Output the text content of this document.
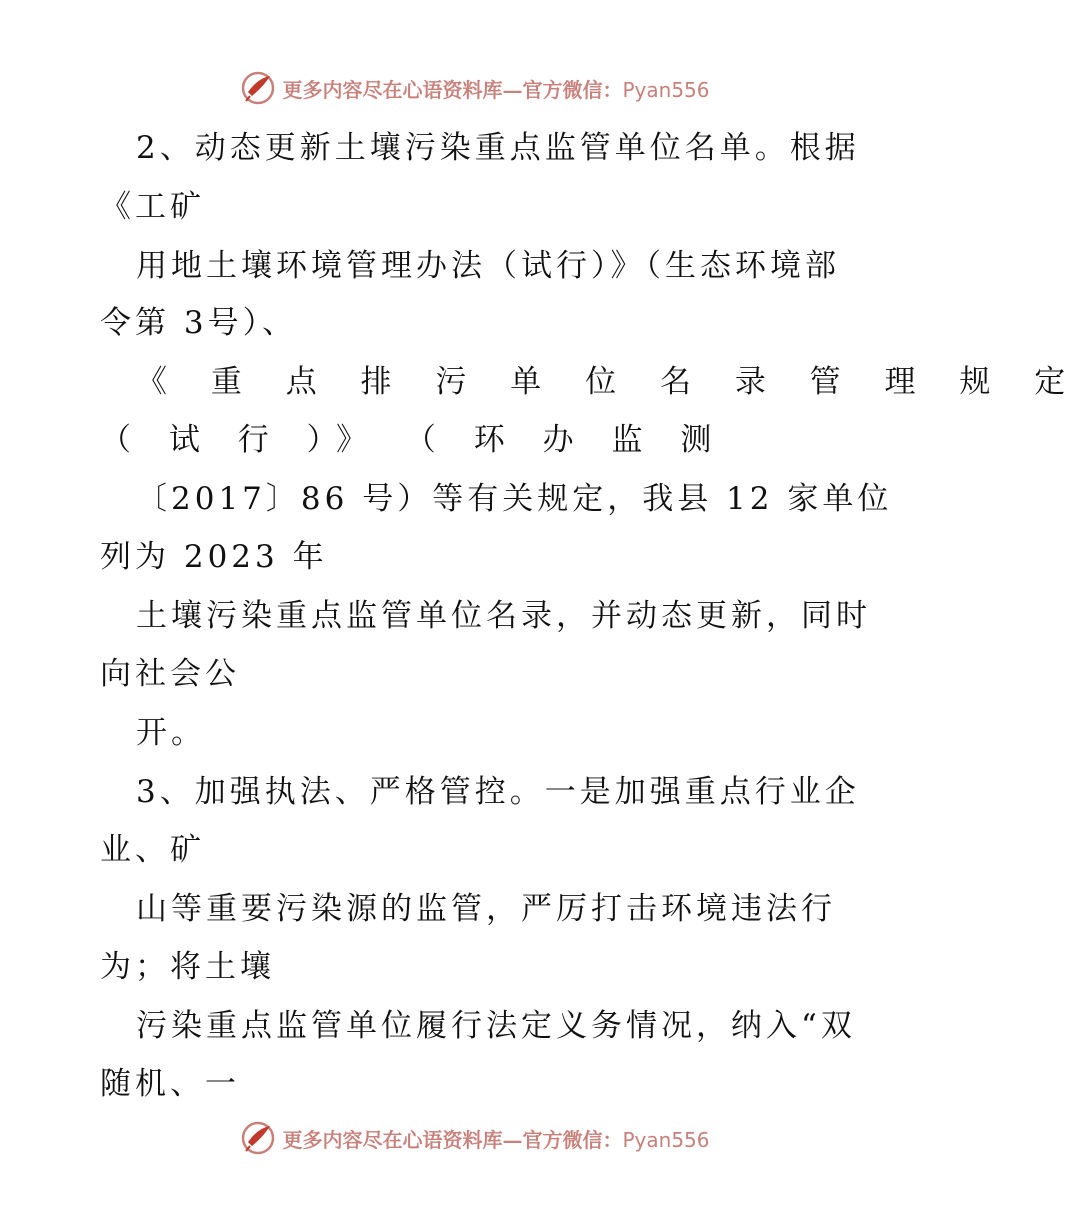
更多内容尽在心语资料库—官方微信：Pyan556
2、动态更新土壤污染重点监管单位名单。根据
《工矿
用地土壤环境管理办法（试行）》（生态环境部
令第 3号）、
《 重 点 排 污 单 位 名 录 管 理 规 定
（ 试 行 ）》 （ 环 办 监 测
〔2017〕86 号）等有关规定，我县 12 家单位
列为 2023 年
土壤污染重点监管单位名录，并动态更新，同时
向社会公
开。
3、加强执法、严格管控。一是加强重点行业企
业、矿
山等重要污染源的监管，严厉打击环境违法行
为；将土壤
污染重点监管单位履行法定义务情况，纳入“双
随机、一
更多内容尽在心语资料库—官方微信：Pyan556
